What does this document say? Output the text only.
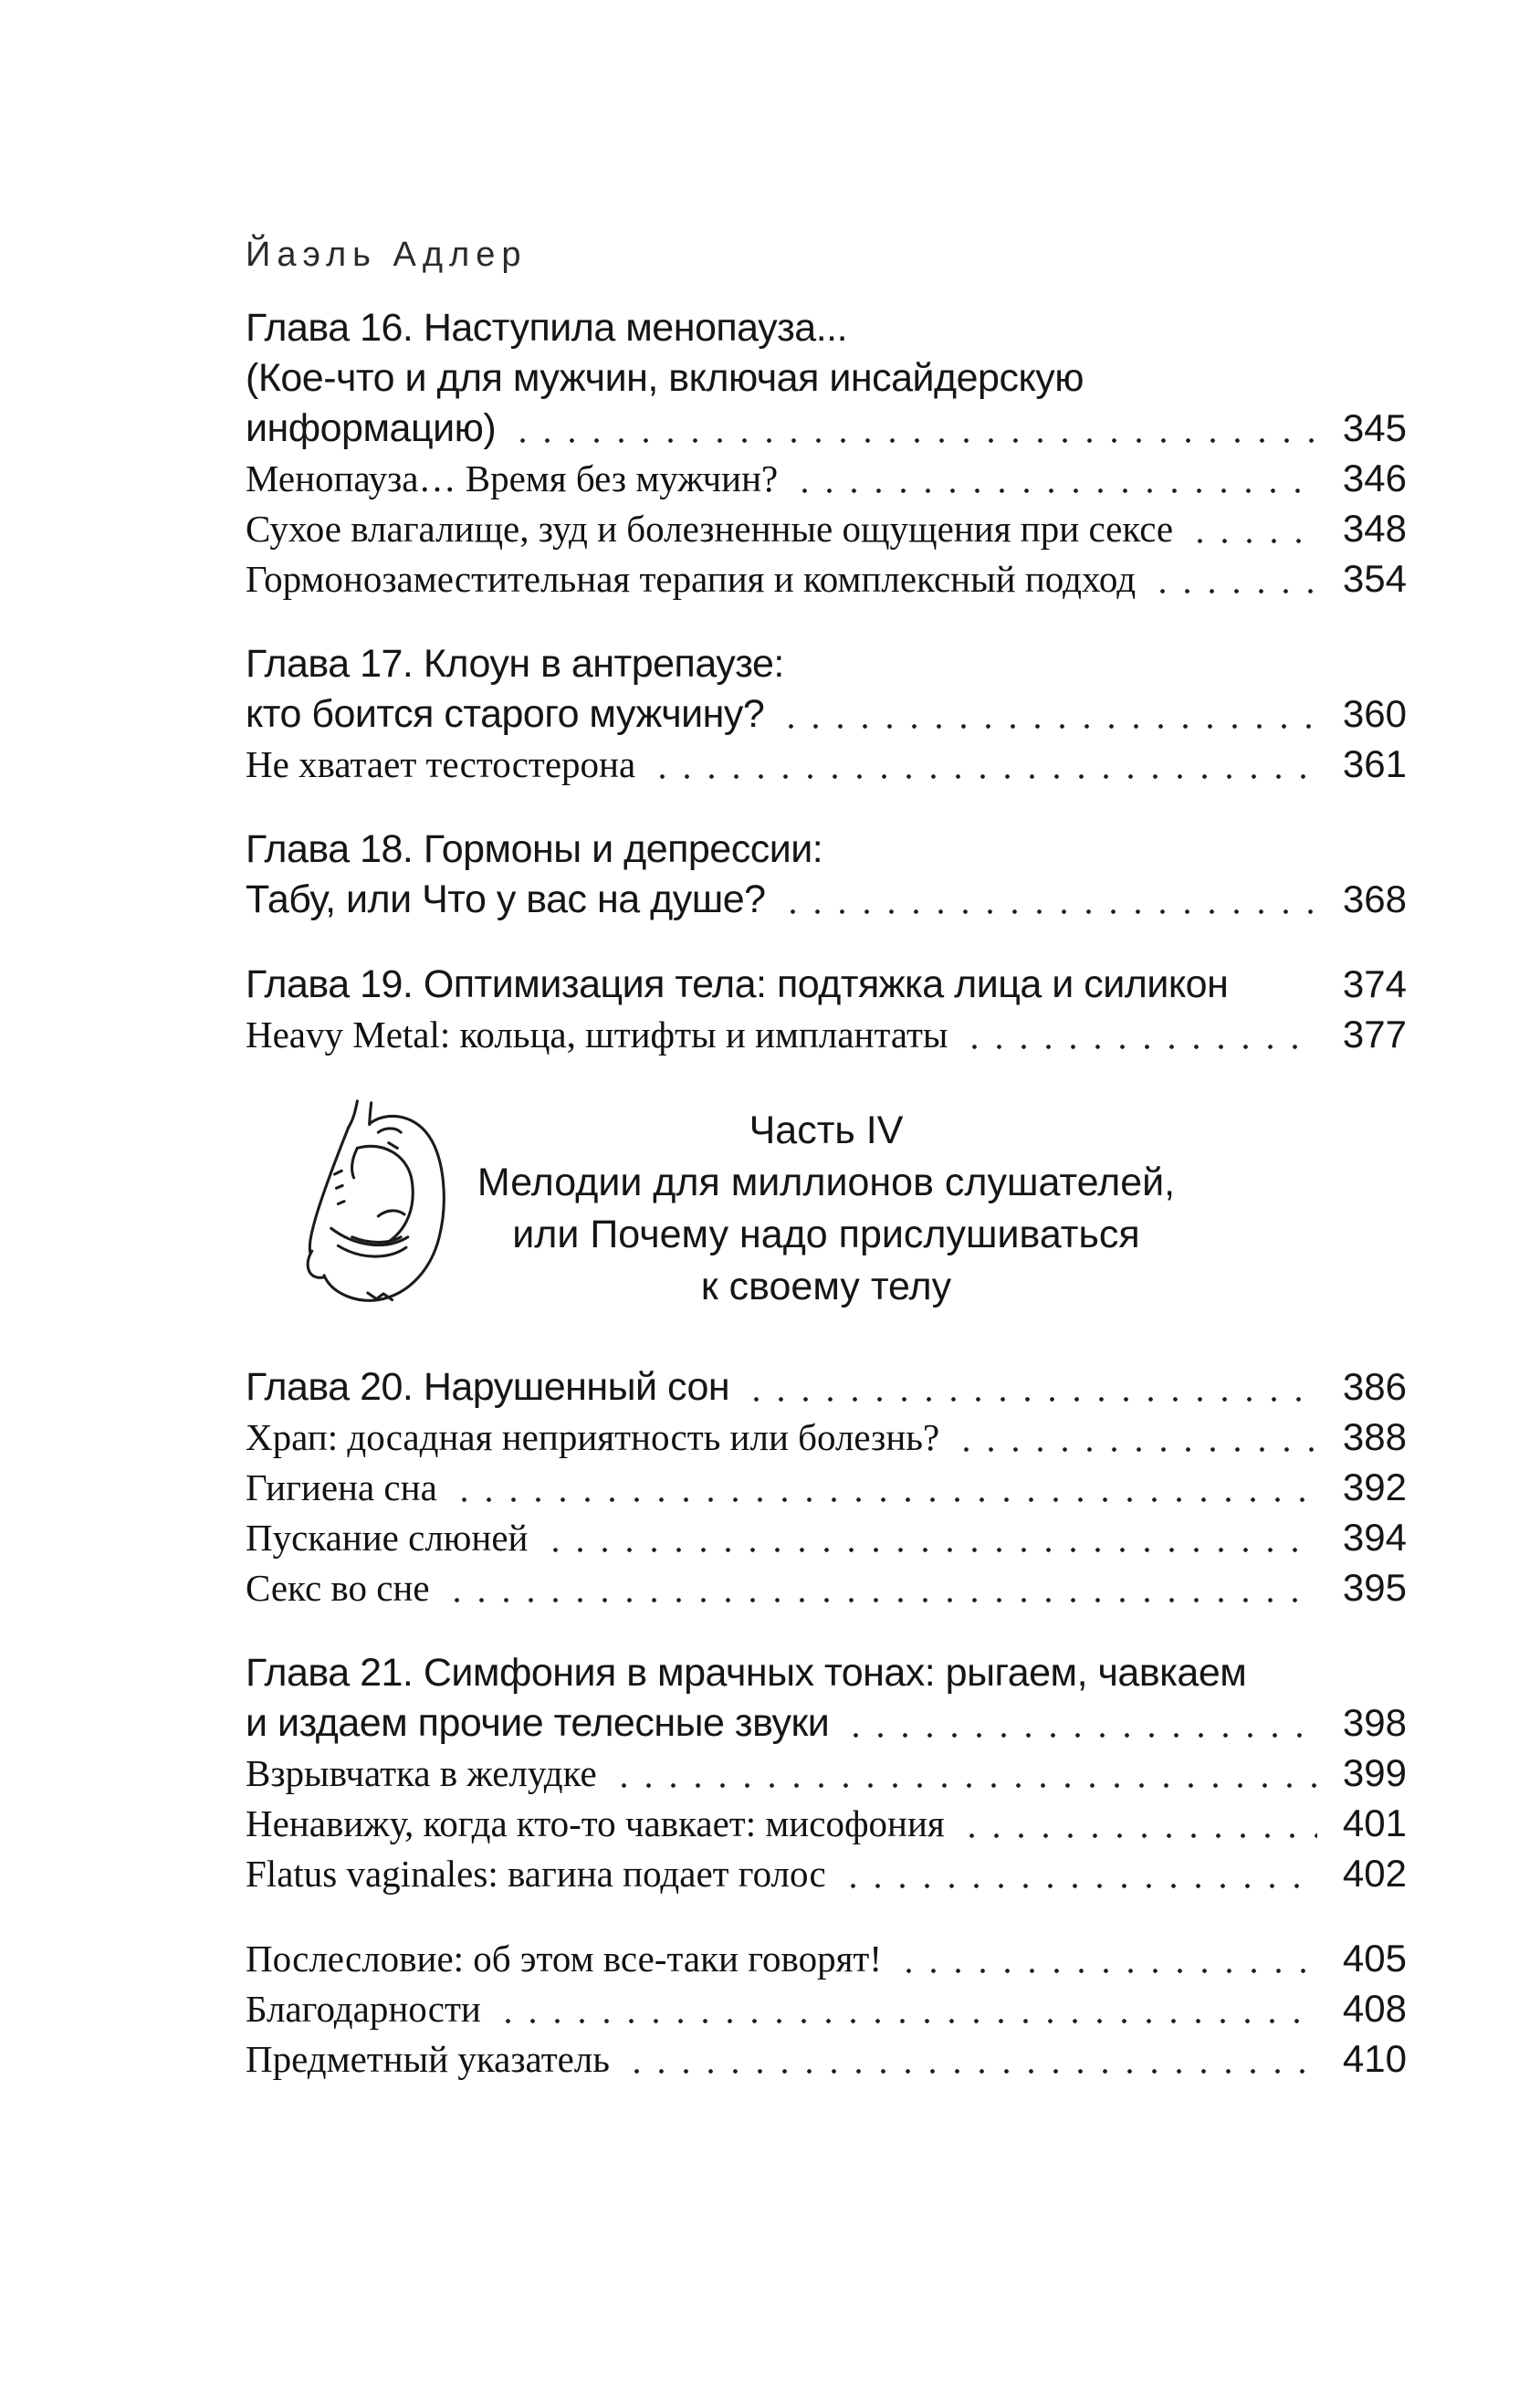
Йаэль Адлер
Глава 16. Наступила менопауза...
(Кое-что и для мужчин, включая инсайдерскую
информацию)	345
Менопауза… Время без мужчин?	346
Сухое влагалище, зуд и болезненные ощущения при сексе	348
Гормонозаместительная терапия и комплексный подход	354
Глава 17. Клоун в антрепаузе:
кто боится старого мужчину?	360
Не хватает тестостерона	361
Глава 18. Гормоны и депрессии:
Табу, или Что у вас на душе?	368
Глава 19. Оптимизация тела: подтяжка лица и силикон	374
Heavy Metal: кольца, штифты и имплантаты	377
Часть IV
Мелодии для миллионов слушателей,
или Почему надо прислушиваться
к своему телу
Глава 20. Нарушенный сон	386
Храп: досадная неприятность или болезнь?	388
Гигиена сна	392
Пускание слюней	394
Секс во сне	395
Глава 21. Симфония в мрачных тонах: рыгаем, чавкаем
и издаем прочие телесные звуки	398
Взрывчатка в желудке	399
Ненавижу, когда кто-то чавкает: мисофония	401
Flatus vaginales: вагина подает голос	402
Послесловие: об этом все-таки говорят!	405
Благодарности	408
Предметный указатель	410
